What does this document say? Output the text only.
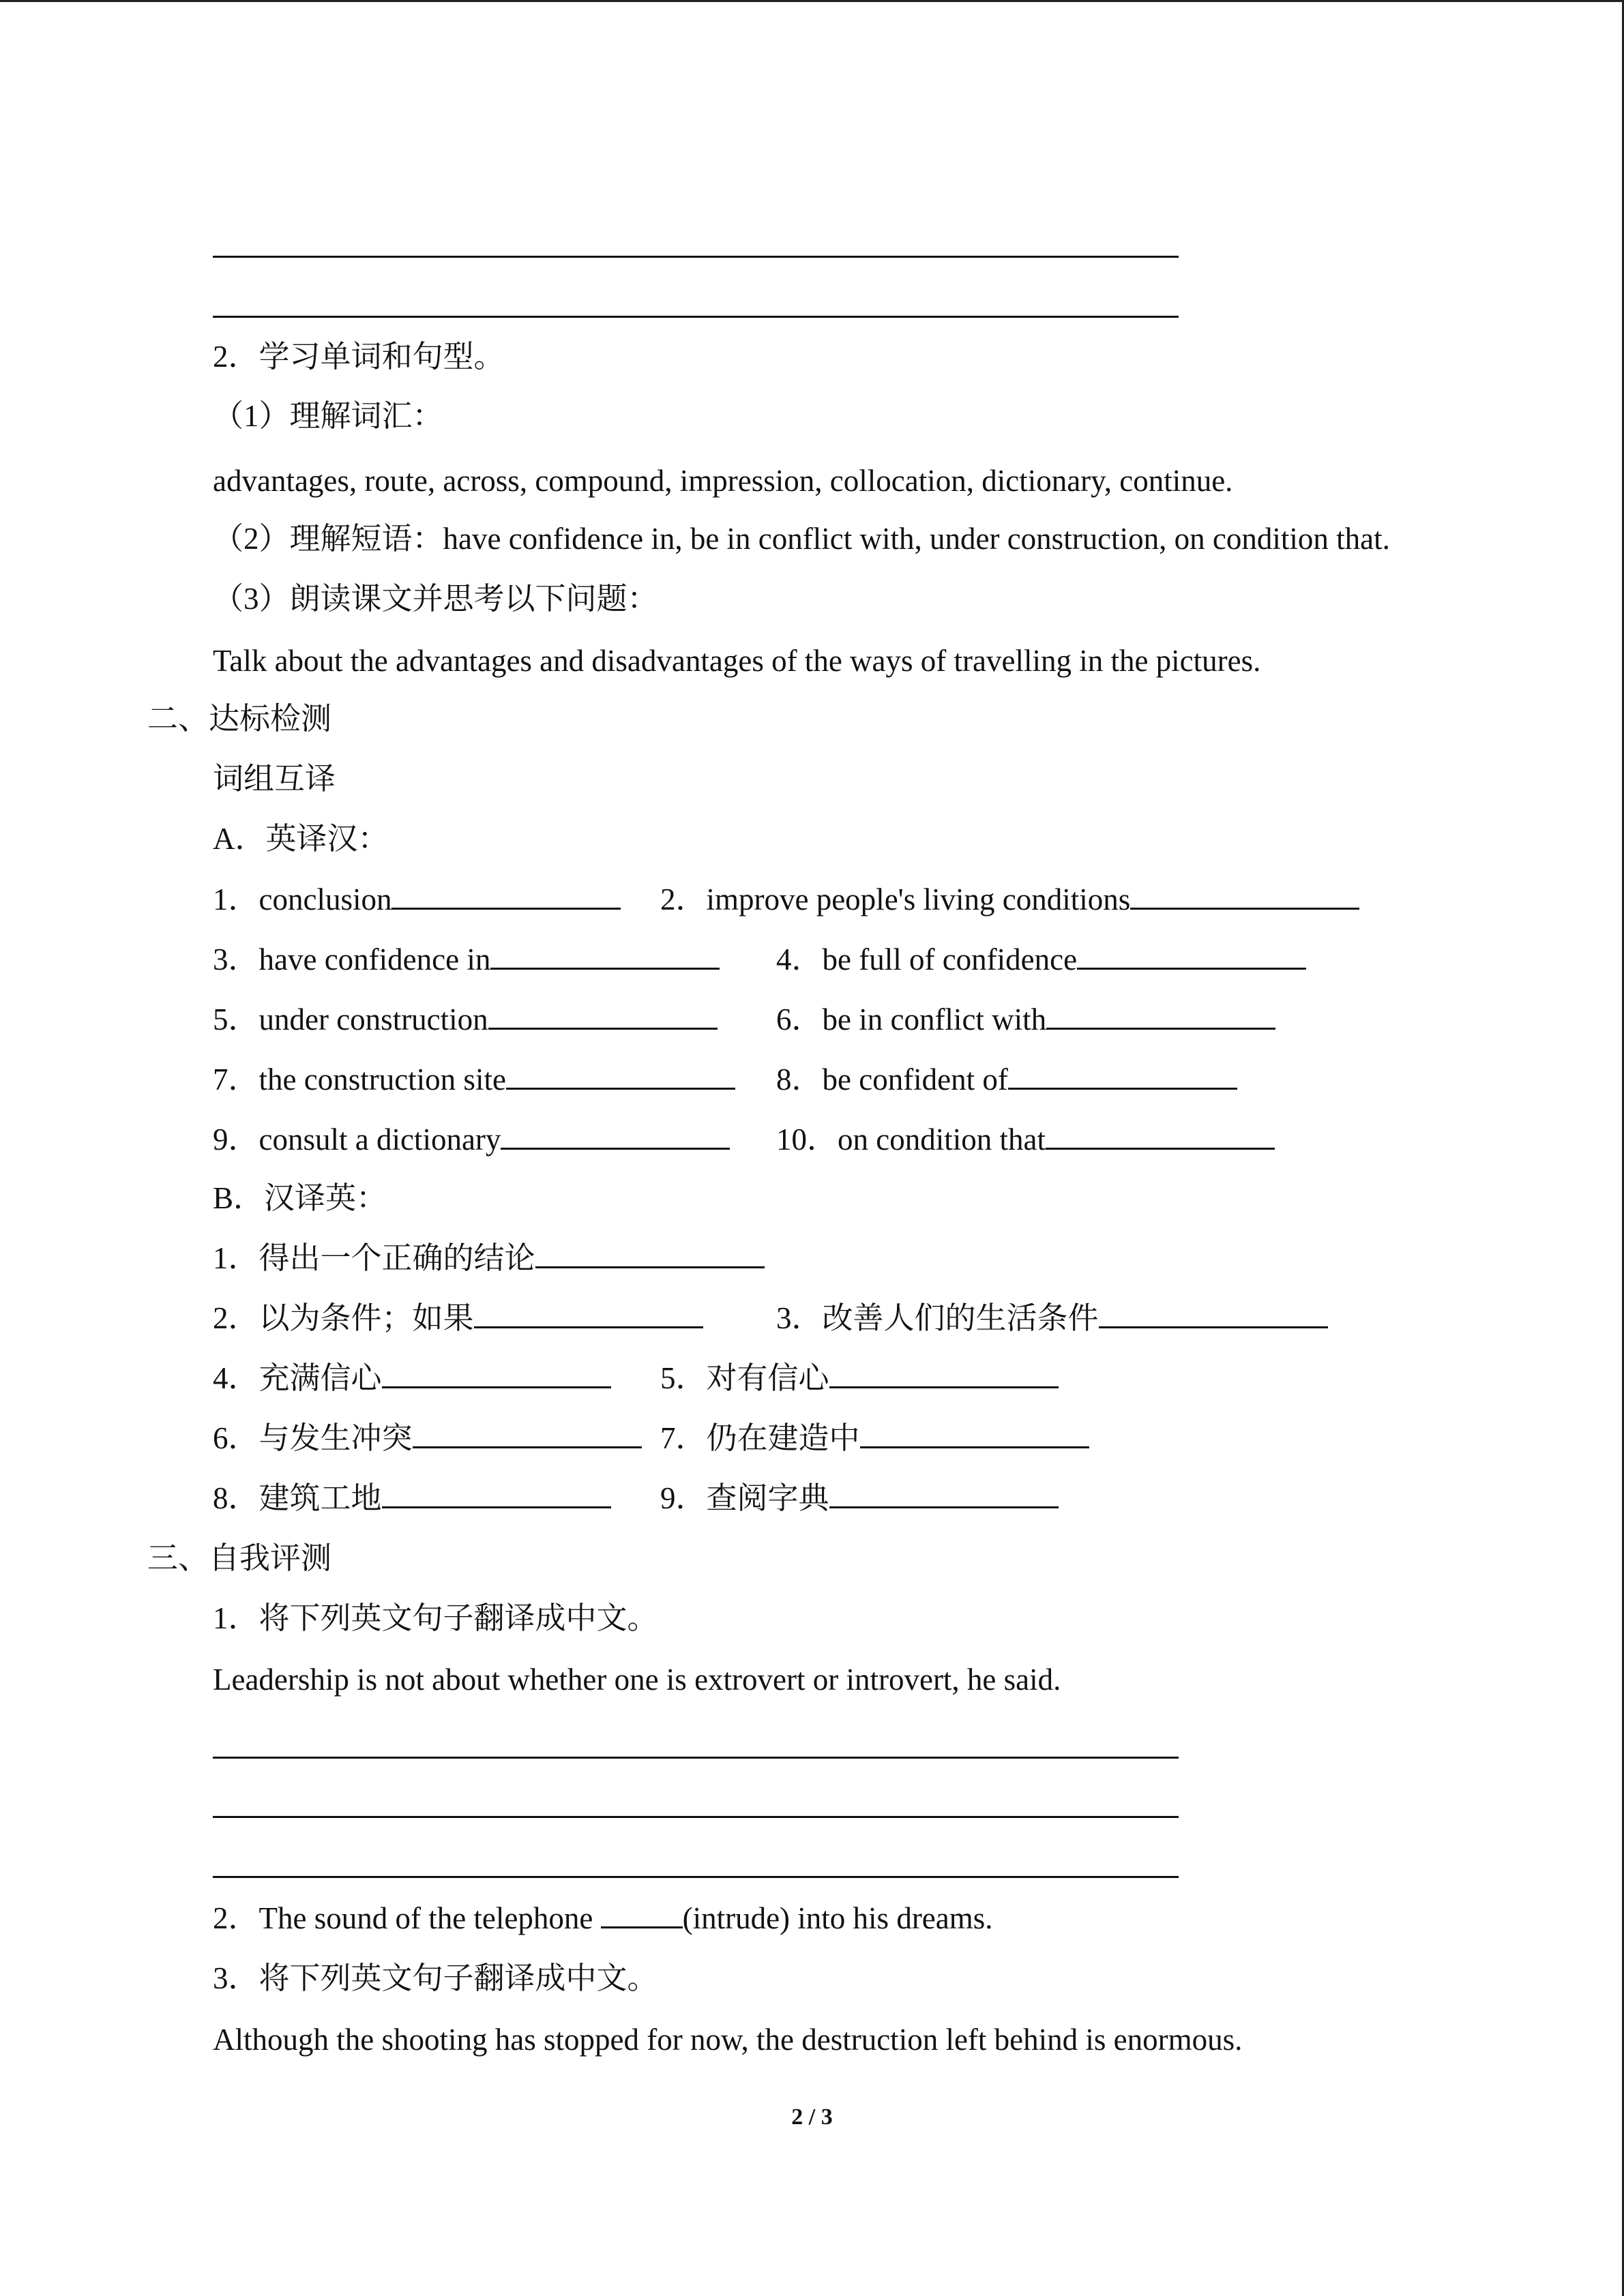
2．学习单词和句型。
（1）理解词汇：
advantages, route, across, compound, impression, collocation, dictionary, continue.
（2）理解短语：have confidence in, be in conflict with, under construction, on condition that.
（3）朗读课文并思考以下问题：
Talk about the advantages and disadvantages of the ways of travelling in the pictures.
二、达标检测
词组互译
A．英译汉：
1．conclusion	2．improve people's living conditions
3．have confidence in	4．be full of confidence
5．under construction	6．be in conflict with
7．the construction site	8．be confident of
9．consult a dictionary	10．on condition that
B．汉译英：
1．得出一个正确的结论
2．以为条件；如果	3．改善人们的生活条件
4．充满信心	5．对有信心
6．与发生冲突	7．仍在建造中
8．建筑工地	9．查阅字典
三、自我评测
1．将下列英文句子翻译成中文。
Leadership is not about whether one is extrovert or introvert, he said.
2．The sound of the telephone	(intrude) into his dreams.
3．将下列英文句子翻译成中文。
Although the shooting has stopped for now, the destruction left behind is enormous.
2 / 3
